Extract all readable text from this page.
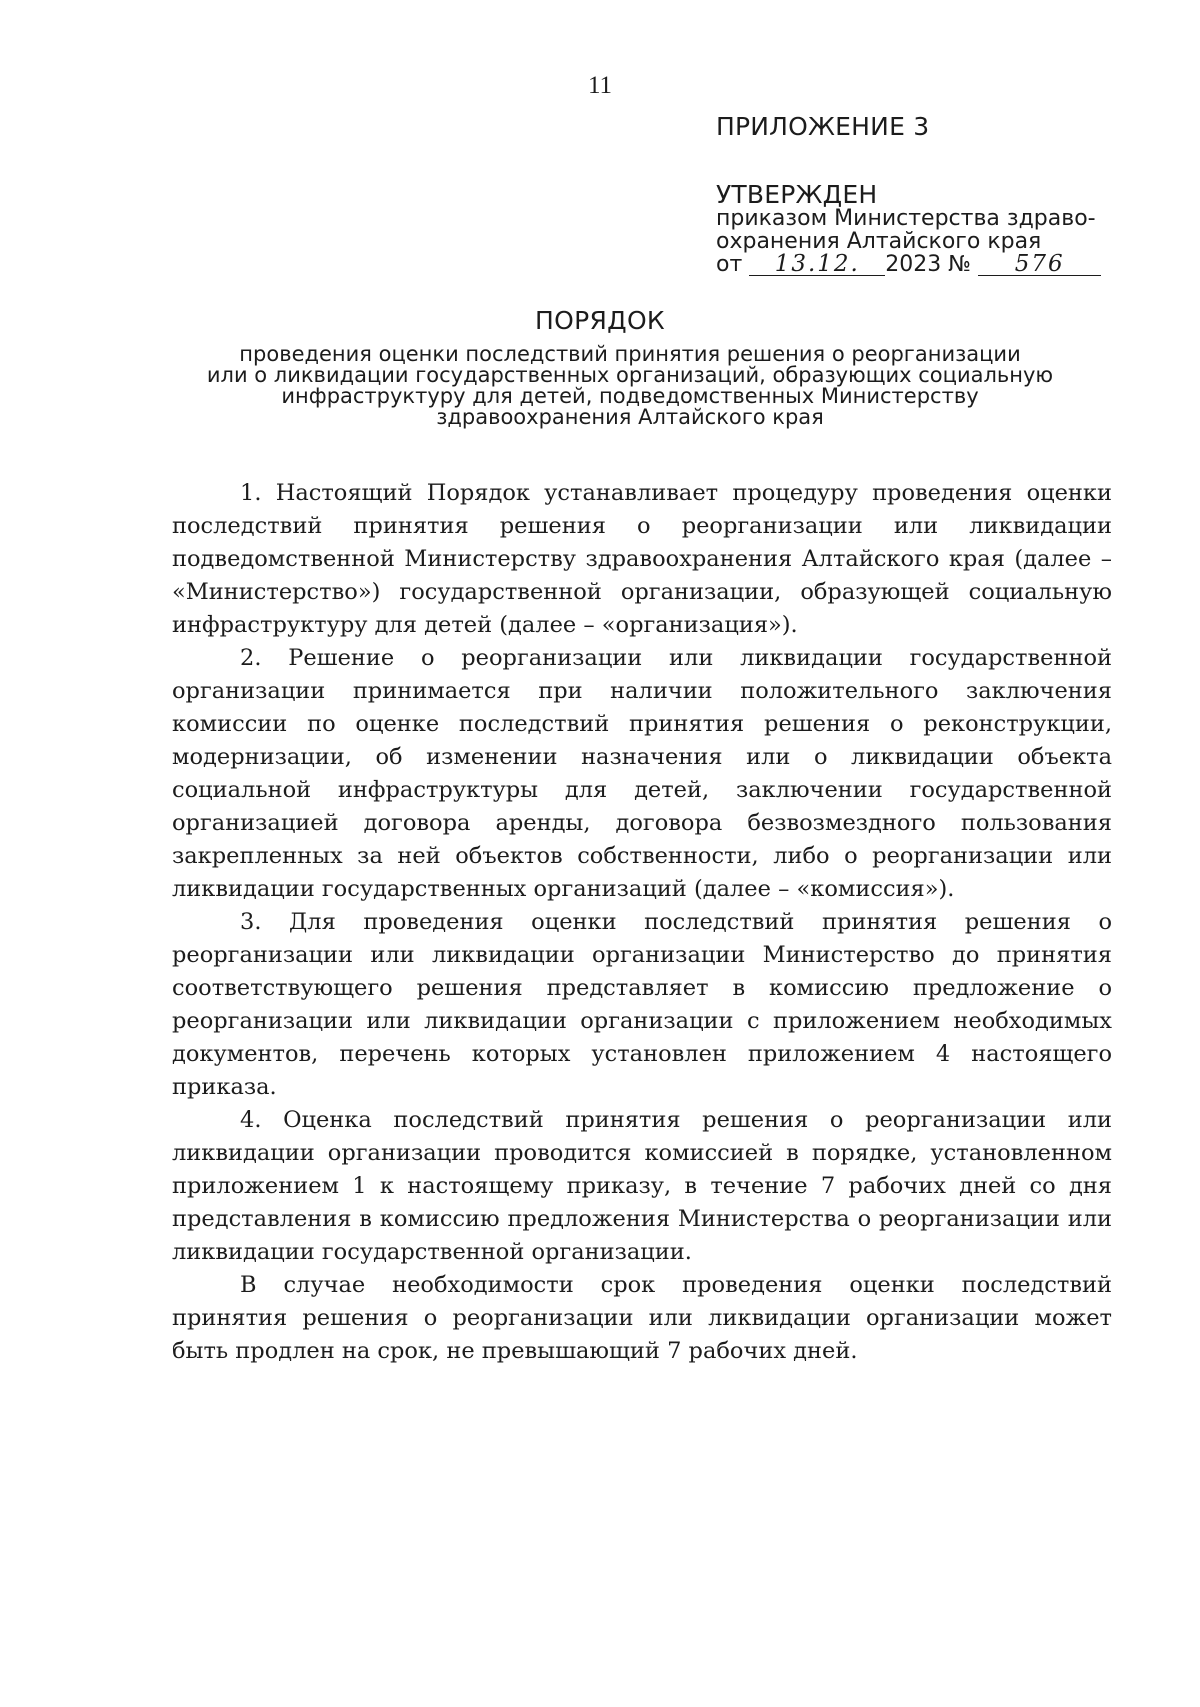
11
ПРИЛОЖЕНИЕ 3
УТВЕРЖДЕН
приказом Министерства здраво-
охранения Алтайского края
от 13.12. 2023 № 576
ПОРЯДОК
проведения оценки последствий принятия решения о реорганизации
или о ликвидации государственных организаций, образующих социальную
инфраструктуру для детей, подведомственных Министерству
здравоохранения Алтайского края

1. Настоящий Порядок устанавливает процедуру проведения оценки последствий принятия решения о реорганизации или ликвидации подведомственной Министерству здравоохранения Алтайского края (далее – «Министерство») государственной организации, образующей социальную инфраструктуру для детей (далее – «организация»).

2. Решение о реорганизации или ликвидации государственной организации принимается при наличии положительного заключения комиссии по оценке последствий принятия решения о реконструкции, модернизации, об изменении назначения или о ликвидации объекта социальной инфраструктуры для детей, заключении государственной организацией договора аренды, договора безвозмездного пользования закрепленных за ней объектов собственности, либо о реорганизации или ликвидации государственных организаций (далее – «комиссия»).

3. Для проведения оценки последствий принятия решения о реорганизации или ликвидации организации Министерство до принятия соответствующего решения представляет в комиссию предложение о реорганизации или ликвидации организации с приложением необходимых документов, перечень которых установлен приложением 4 настоящего приказа.

4. Оценка последствий принятия решения о реорганизации или ликвидации организации проводится комиссией в порядке, установленном приложением 1 к настоящему приказу, в течение 7 рабочих дней со дня представления в комиссию предложения Министерства о реорганизации или ликвидации государственной организации.

В случае необходимости срок проведения оценки последствий принятия решения о реорганизации или ликвидации организации может быть продлен на срок, не превышающий 7 рабочих дней.
